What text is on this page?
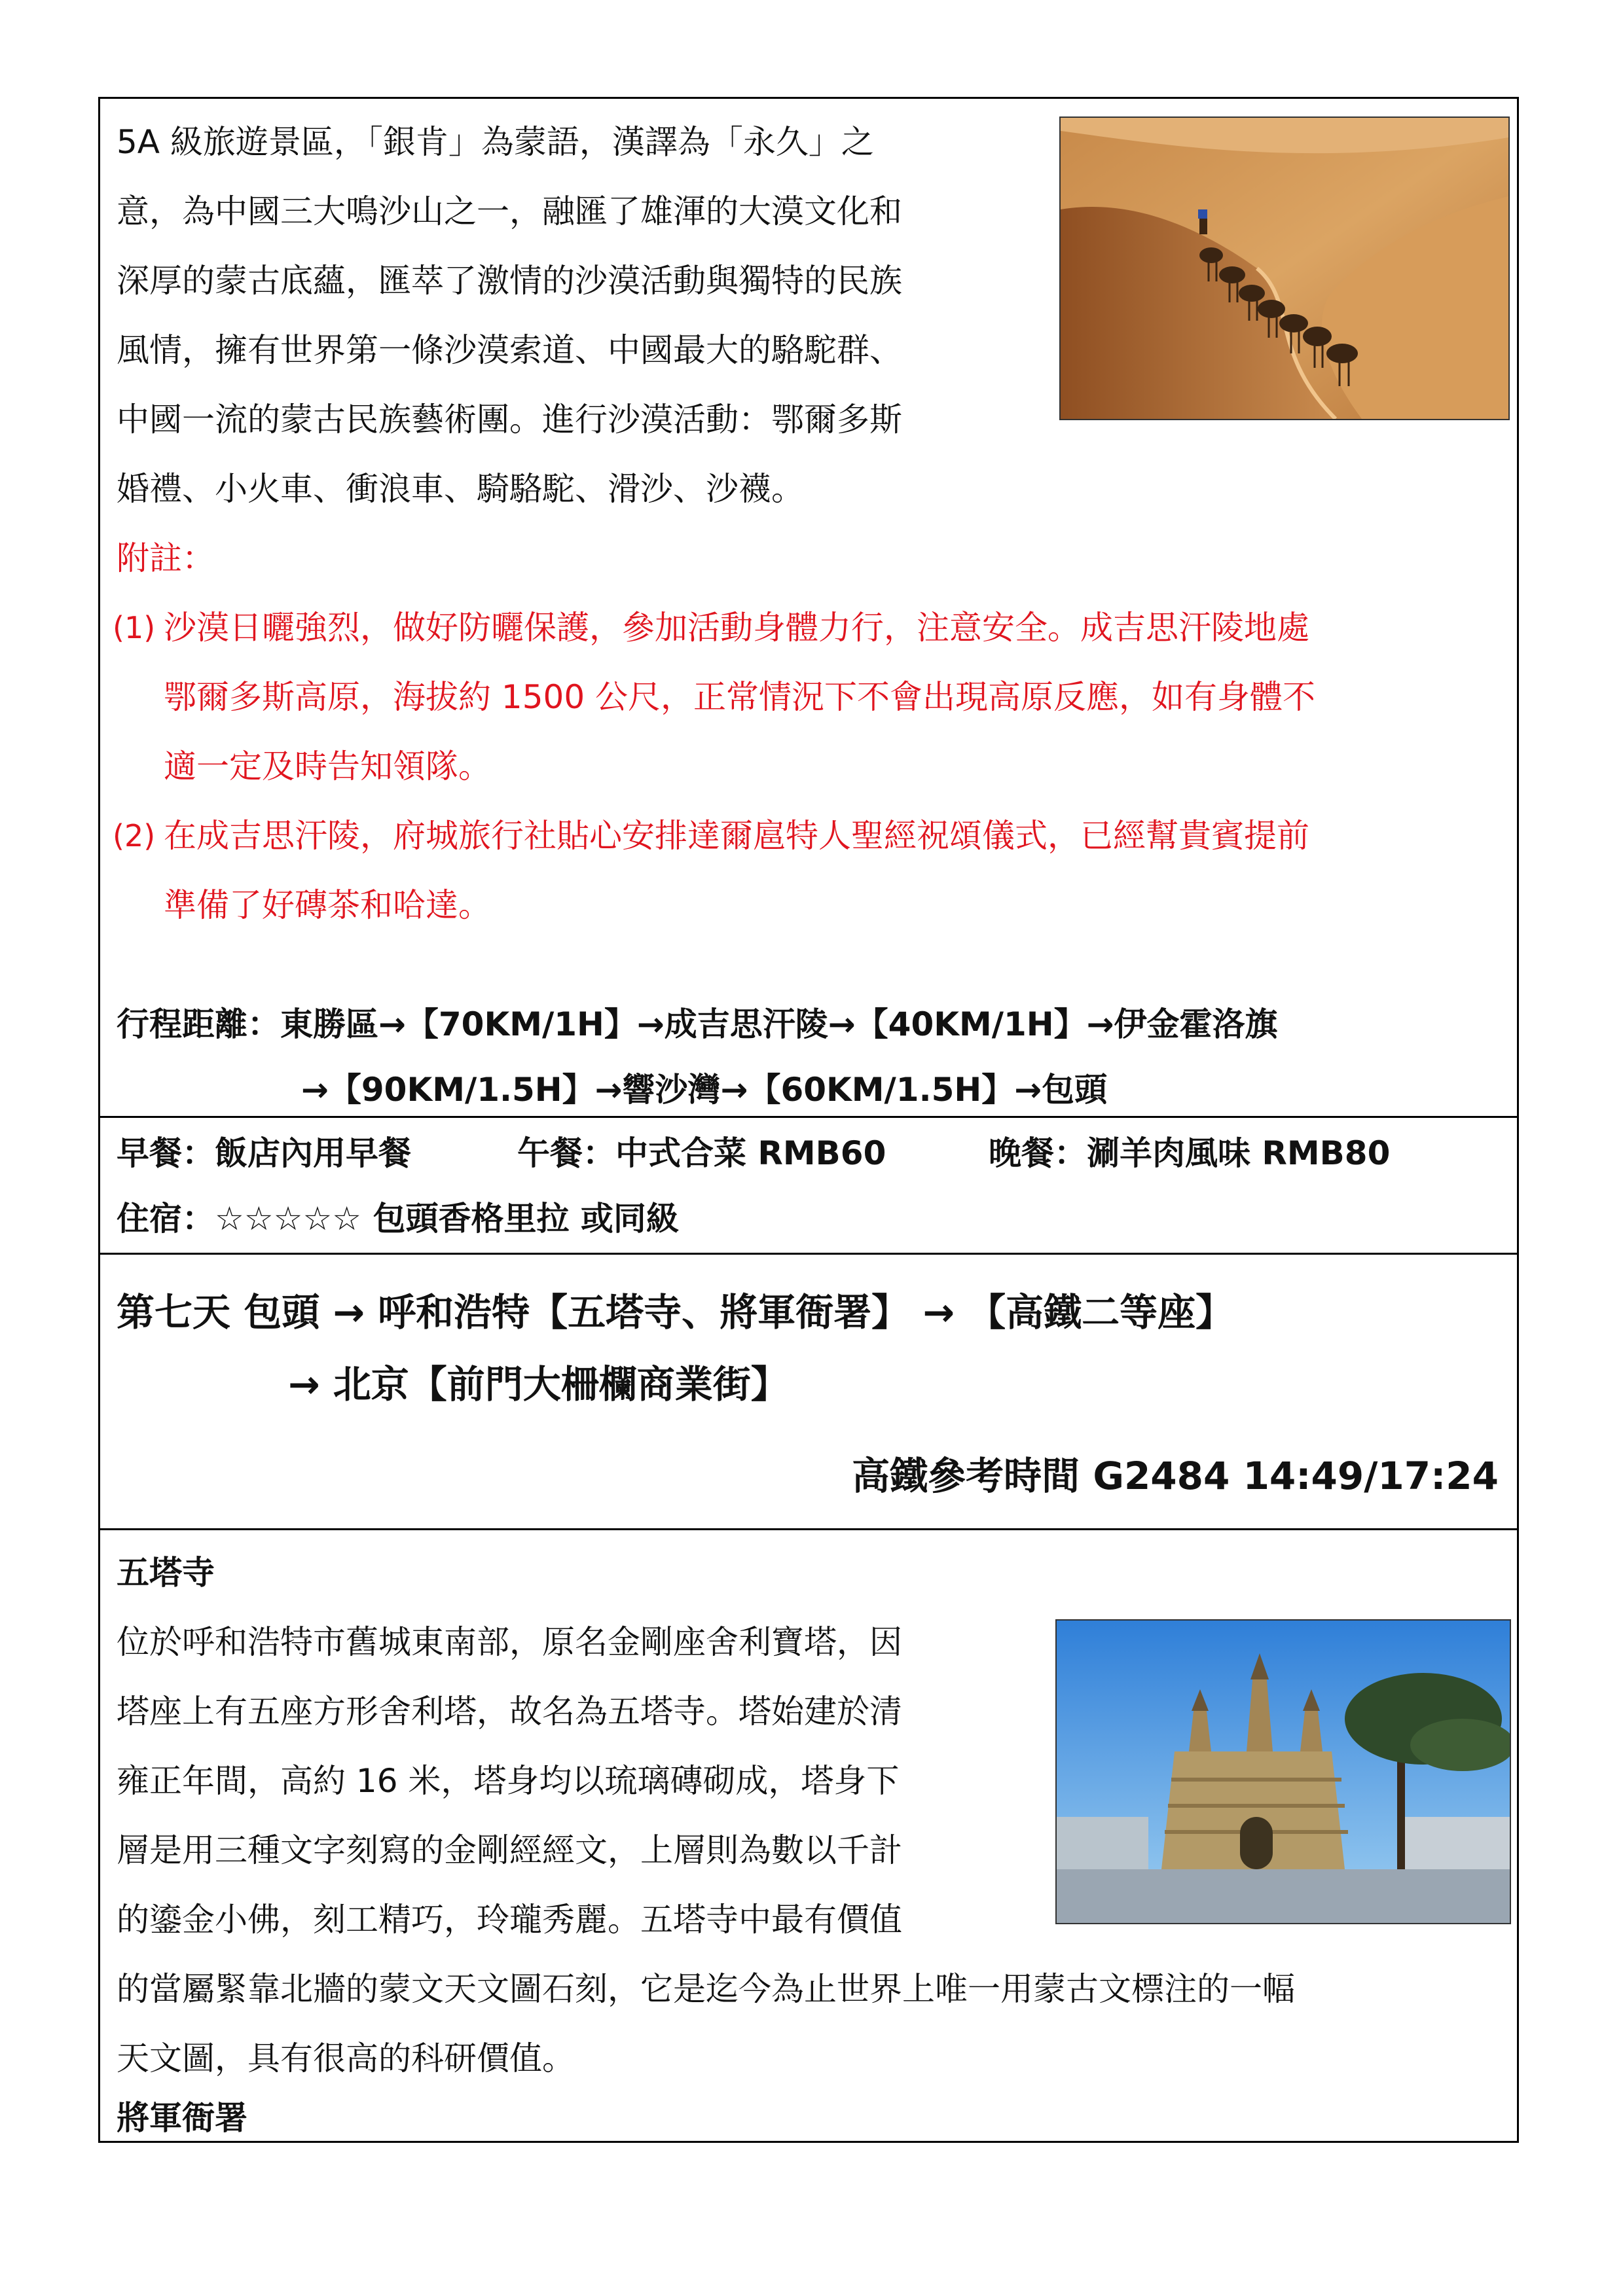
5A 級旅遊景區，「銀肯」為蒙語，漢譯為「永久」之
意，為中國三大鳴沙山之一，融匯了雄渾的大漠文化和
深厚的蒙古底蘊，匯萃了激情的沙漠活動與獨特的民族
風情，擁有世界第一條沙漠索道、中國最大的駱駝群、
中國一流的蒙古民族藝術團。進行沙漠活動：鄂爾多斯
婚禮、小火車、衝浪車、騎駱駝、滑沙、沙襪。
附註：
(1) 沙漠日曬強烈，做好防曬保護，參加活動身體力行，注意安全。成吉思汗陵地處
鄂爾多斯高原，海拔約 1500 公尺，正常情況下不會出現高原反應，如有身體不
適一定及時告知領隊。
(2) 在成吉思汗陵，府城旅行社貼心安排達爾扈特人聖經祝頌儀式，已經幫貴賓提前
準備了好磚茶和哈達。
行程距離：東勝區→【70KM/1H】→成吉思汗陵→【40KM/1H】→伊金霍洛旗
→【90KM/1.5H】→響沙灣→【60KM/1.5H】→包頭
早餐：飯店內用早餐	午餐：中式合菜 RMB60	晚餐：涮羊肉風味 RMB80
住宿：☆☆☆☆☆ 包頭香格里拉 或同級
第七天 包頭 → 呼和浩特【五塔寺、將軍衙署】 → 【高鐵二等座】
→ 北京【前門大柵欄商業街】
高鐵參考時間 G2484 14:49/17:24
五塔寺
位於呼和浩特市舊城東南部，原名金剛座舍利寶塔，因
塔座上有五座方形舍利塔，故名為五塔寺。塔始建於清
雍正年間，高約 16 米，塔身均以琉璃磚砌成，塔身下
層是用三種文字刻寫的金剛經經文，上層則為數以千計
的鎏金小佛，刻工精巧，玲瓏秀麗。五塔寺中最有價值
的當屬緊靠北牆的蒙文天文圖石刻，它是迄今為止世界上唯一用蒙古文標注的一幅
天文圖，具有很高的科研價值。
將軍衙署
